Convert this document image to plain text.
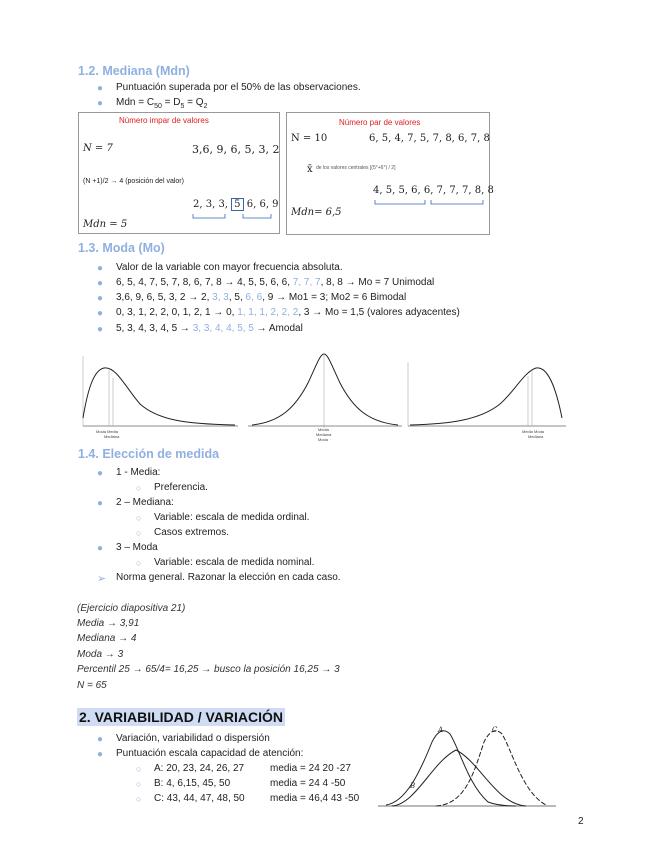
1.2. Mediana (Mdn)
● Puntuación superada por el 50% de las observaciones.
● Mdn = $C_{50} = D_5 = Q_2$
Número impar de valores
N = 7	3,6, 9, 6, 5, 3, 2
(N +1)/2 → 4 (posición del valor)
2, 3, 3, 5 6, 6, 9
Mdn = 5
Número par de valores
N = 10	6, 5, 4, 7, 5, 7, 8, 6, 7, 8
x̄ de los valores centrales [(5°+6°) / 2]
4, 5, 5, 6, 6, 7, 7, 7, 8, 8
Mdn= 6,5
1.3. Moda (Mo)
● Valor de la variable con mayor frecuencia absoluta.
● 6, 5, 4, 7, 5, 7, 8, 6, 7, 8 → 4, 5, 5, 6, 6, 7, 7, 7, 8, 8 → Mo = 7 Unimodal
● 3,6, 9, 6, 5, 3, 2 → 2, 3, 3, 5, 6, 6, 9 → Mo1 = 3; Mo2 = 6 Bimodal
● 0, 3, 1, 2, 2, 0, 1, 2, 1 → 0, 1, 1, 1, 2, 2, 2, 3 → Mo = 1,5 (valores adyacentes)
● 5, 3, 4, 3, 4, 5 → 3, 3, 4, 4, 5, 5 → Amodal
Moda Media
Mediana
Media
Mediana
Moda
Media Moda
Mediana
1.4. Elección de medida
● 1 - Media:
○ Preferencia.
● 2 – Mediana:
○ Variable: escala de medida ordinal.
○ Casos extremos.
● 3 – Moda
○ Variable: escala de medida nominal.
➢ Norma general. Razonar la elección en cada caso.
(Ejercicio diapositiva 21)
Media → 3,91
Mediana → 4
Moda → 3
Percentil 25 → 65/4= 16,25 → busco la posición 16,25 → 3
N = 65
2. VARIABILIDAD / VARIACIÓN
● Variación, variabilidad o dispersión
● Puntuación escala capacidad de atención:
○ A: 20, 23, 24, 26, 27	media = 24 20 -27
○ B: 4, 6,15, 45, 50	media = 24 4 -50
○ C: 43, 44, 47, 48, 50	media = 46,4 43 -50
A
B
C
2
